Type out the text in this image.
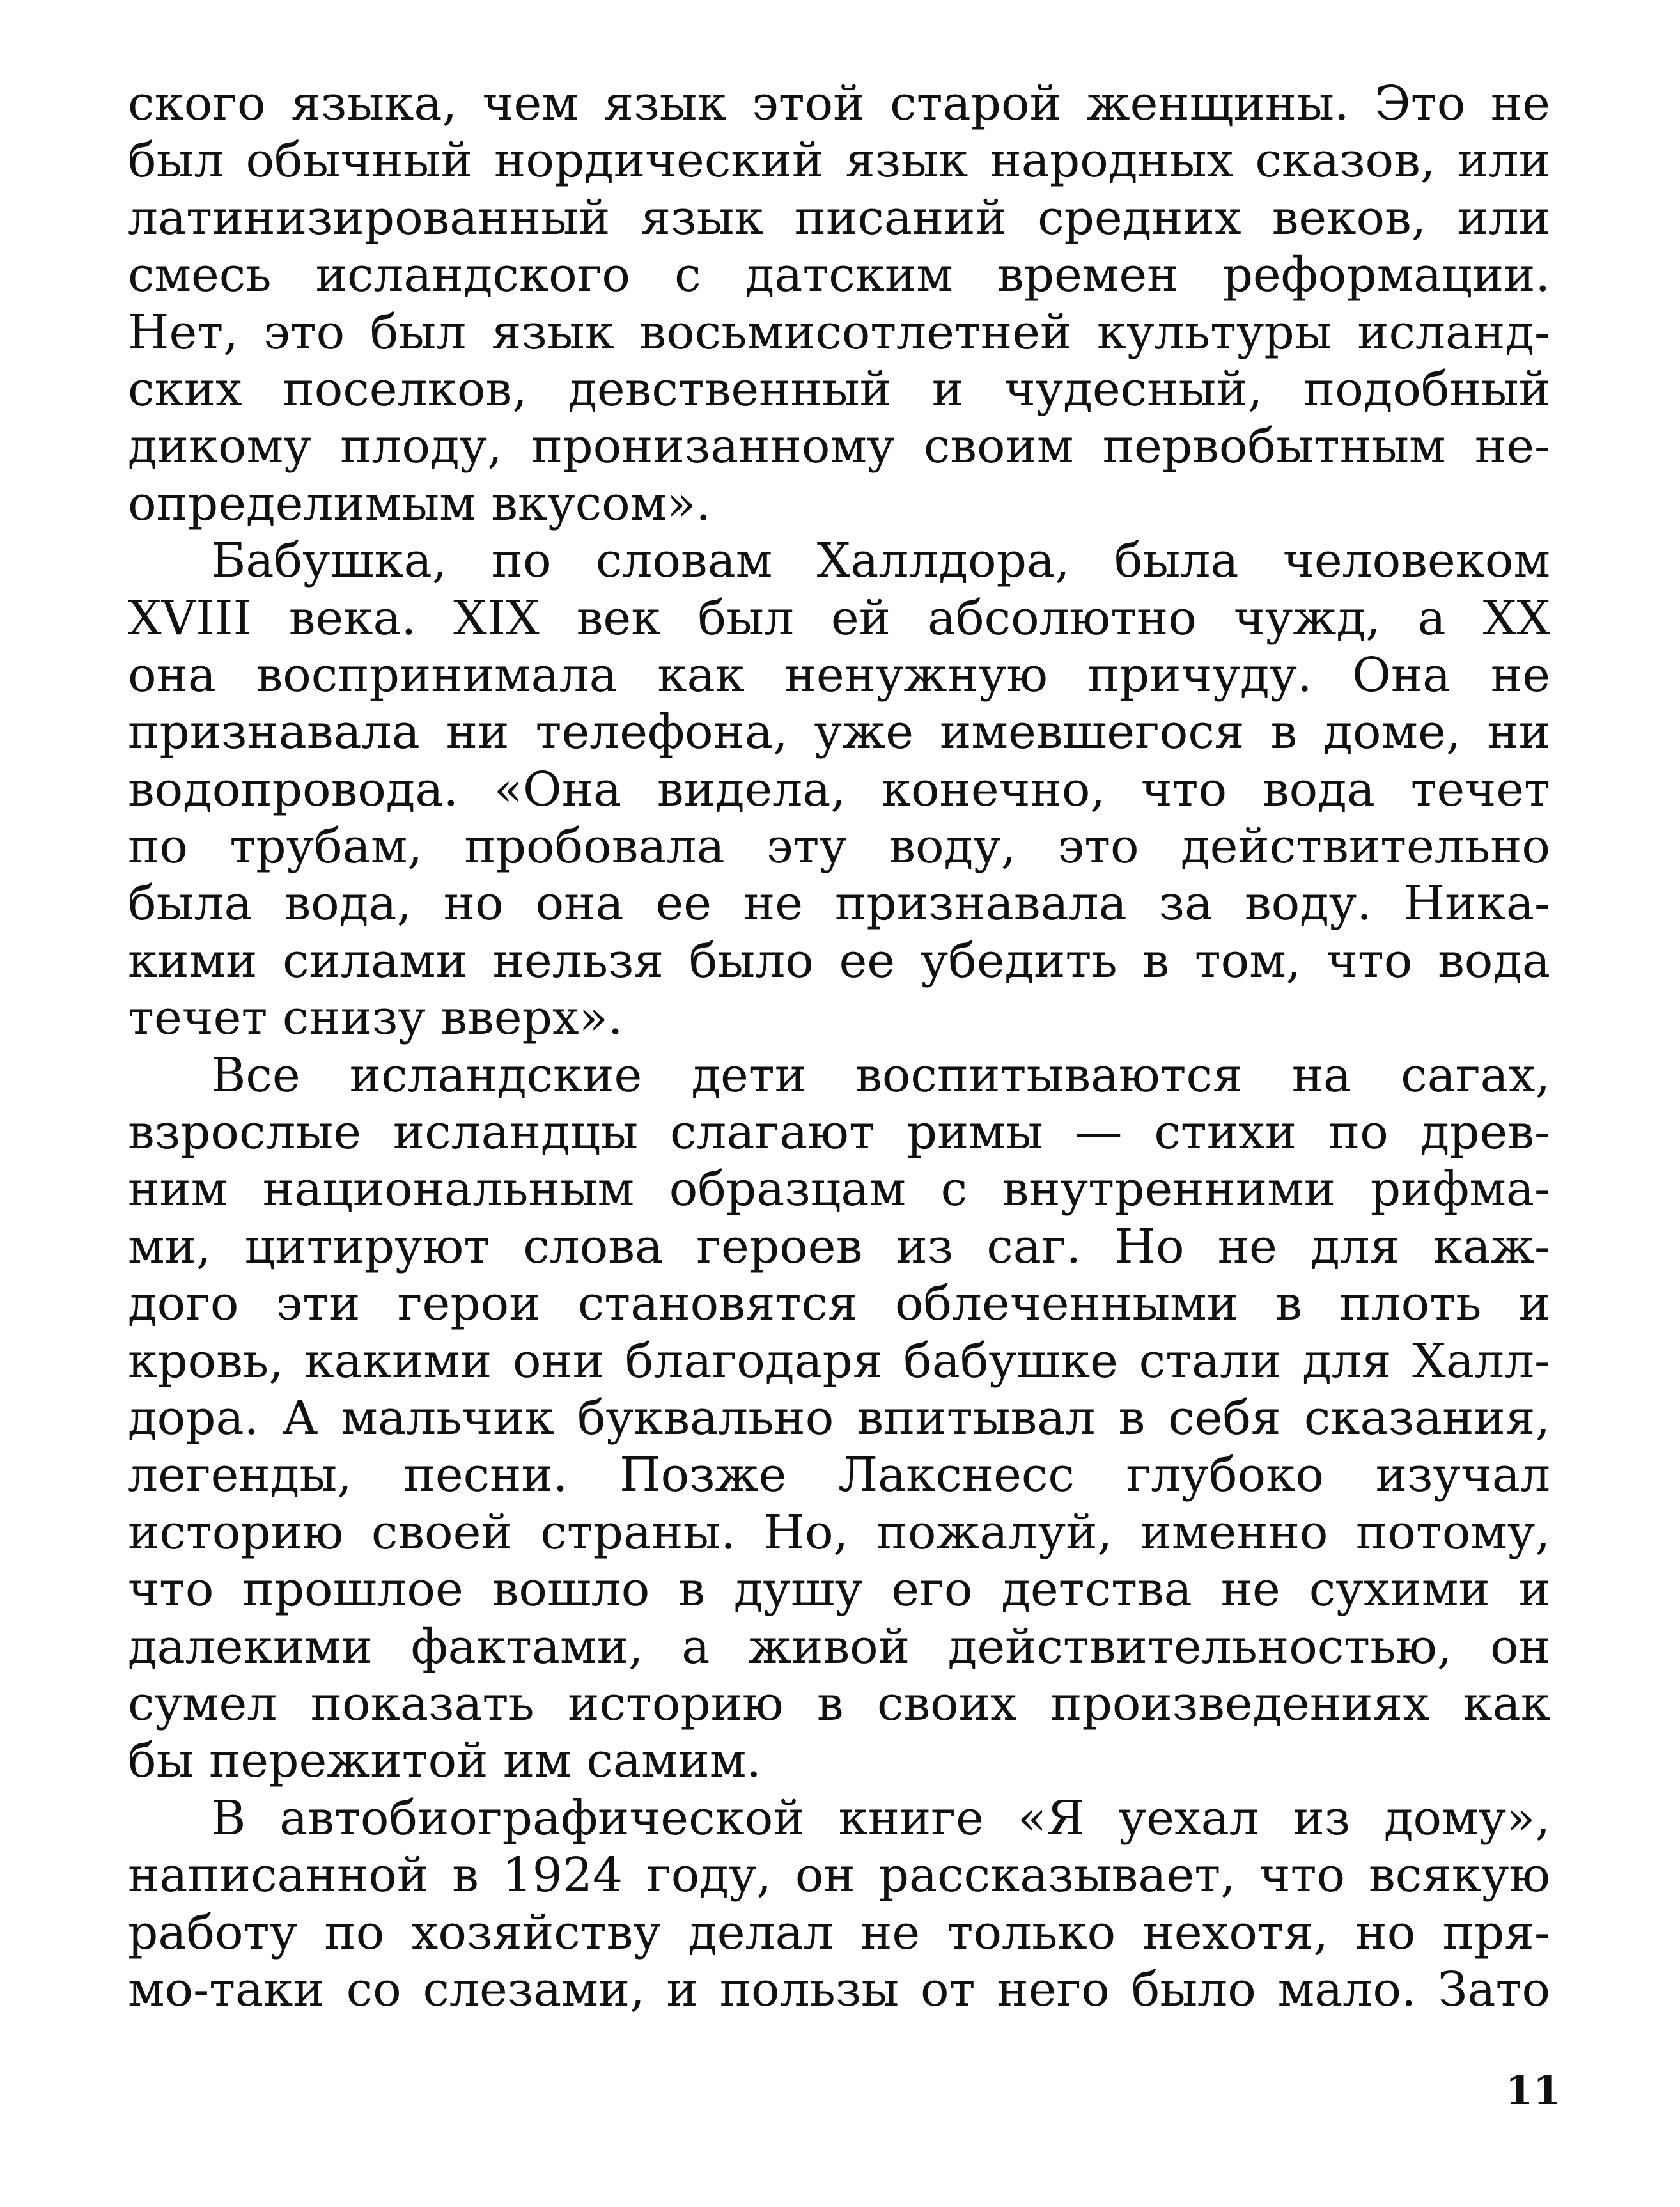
ского языка, чем язык этой старой женщины. Это не
был обычный нордический язык народных сказов, или
латинизированный язык писаний средних веков, или
смесь исландского с датским времен реформации.
Нет, это был язык восьмисотлетней культуры исланд-
ских поселков, девственный и чудесный, подобный
дикому плоду, пронизанному своим первобытным не-
определимым вкусом».
Бабушка, по словам Халлдора, была человеком
XVIII века. XIX век был ей абсолютно чужд, а XX
она воспринимала как ненужную причуду. Она не
признавала ни телефона, уже имевшегося в доме, ни
водопровода. «Она видела, конечно, что вода течет
по трубам, пробовала эту воду, это действительно
была вода, но она ее не признавала за воду. Ника-
кими силами нельзя было ее убедить в том, что вода
течет снизу вверх».
Все исландские дети воспитываются на сагах,
взрослые исландцы слагают римы — стихи по древ-
ним национальным образцам с внутренними рифма-
ми, цитируют слова героев из саг. Но не для каж-
дого эти герои становятся облеченными в плоть и
кровь, какими они благодаря бабушке стали для Халл-
дора. А мальчик буквально впитывал в себя сказания,
легенды, песни. Позже Лакснесс глубоко изучал
историю своей страны. Но, пожалуй, именно потому,
что прошлое вошло в душу его детства не сухими и
далекими фактами, а живой действительностью, он
сумел показать историю в своих произведениях как
бы пережитой им самим.
В автобиографической книге «Я уехал из дому»,
написанной в 1924 году, он рассказывает, что всякую
работу по хозяйству делал не только нехотя, но пря-
мо-таки со слезами, и пользы от него было мало. Зато
11
